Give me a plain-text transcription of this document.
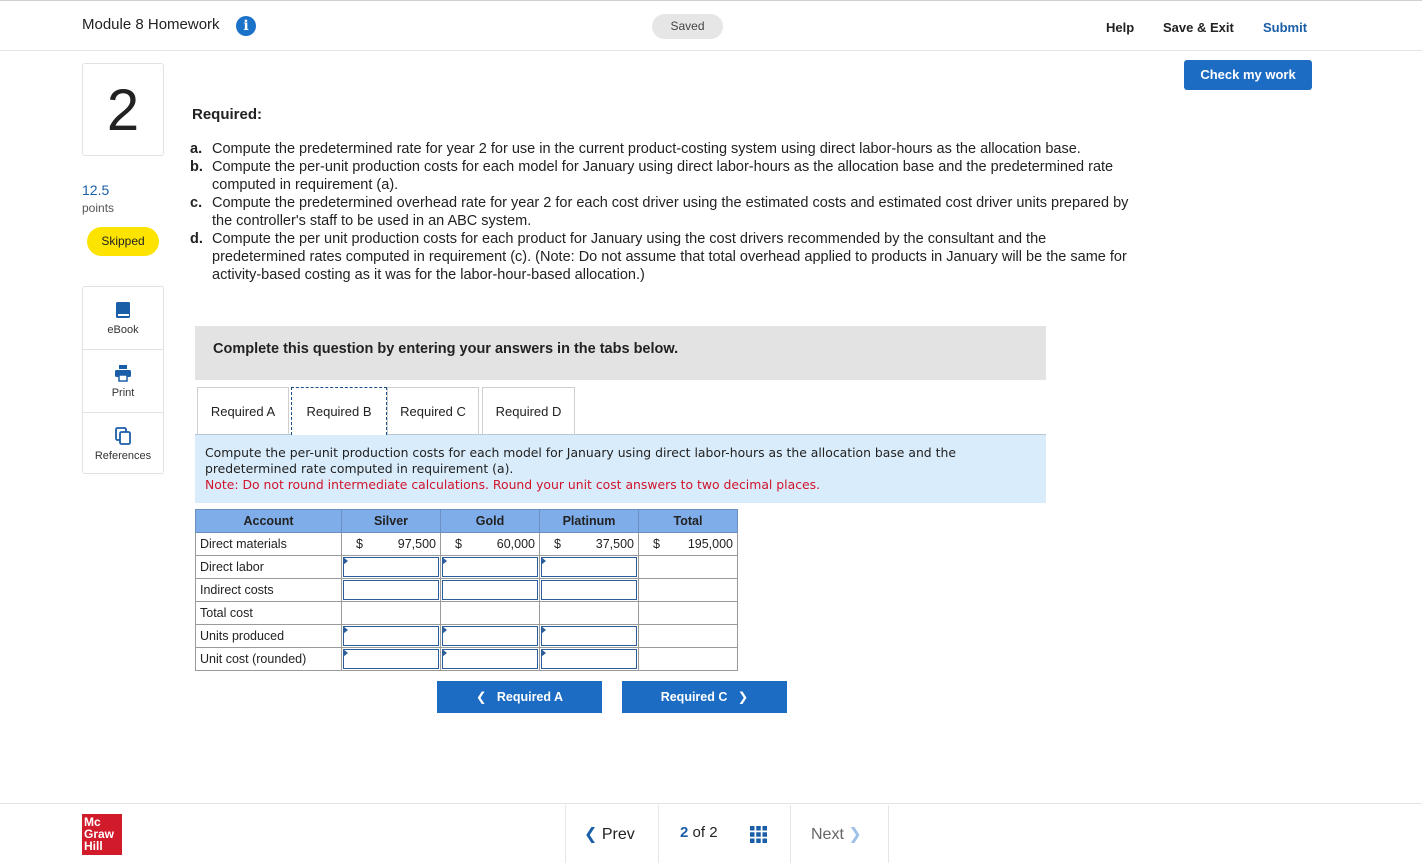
Module 8 Homework	i	Saved	Help Save & Exit Submit
Check my work
2
12.5
points
Skipped
eBook
Print
References
Required:
a. Compute the predetermined rate for year 2 for use in the current product-costing system using direct labor-hours as the allocation base.
b. Compute the per-unit production costs for each model for January using direct labor-hours as the allocation base and the predetermined rate computed in requirement (a).
c. Compute the predetermined overhead rate for year 2 for each cost driver using the estimated costs and estimated cost driver units prepared by the controller's staff to be used in an ABC system.
d. Compute the per unit production costs for each product for January using the cost drivers recommended by the consultant and the predetermined rates computed in requirement (c). (Note: Do not assume that total overhead applied to products in January will be the same for activity-based costing as it was for the labor-hour-based allocation.)
Complete this question by entering your answers in the tabs below.
Required A	Required B	Required C	Required D

Compute the per-unit production costs for each model for January using direct labor-hours as the allocation base and the predetermined rate computed in requirement (a).
Note: Do not round intermediate calculations. Round your unit cost answers to two decimal places.

Account	Silver	Gold	Platinum	Total
Direct materials	$ 97,500	$ 60,000	$ 37,500	$ 195,000

Direct labor	

Indirect costs	

Total cost				
Units produced	

Unit cost (rounded)	

❮   Required A	Required C   ❯
Mc
Graw
Hill
❮ Prev	2 of 2	Next ❯
